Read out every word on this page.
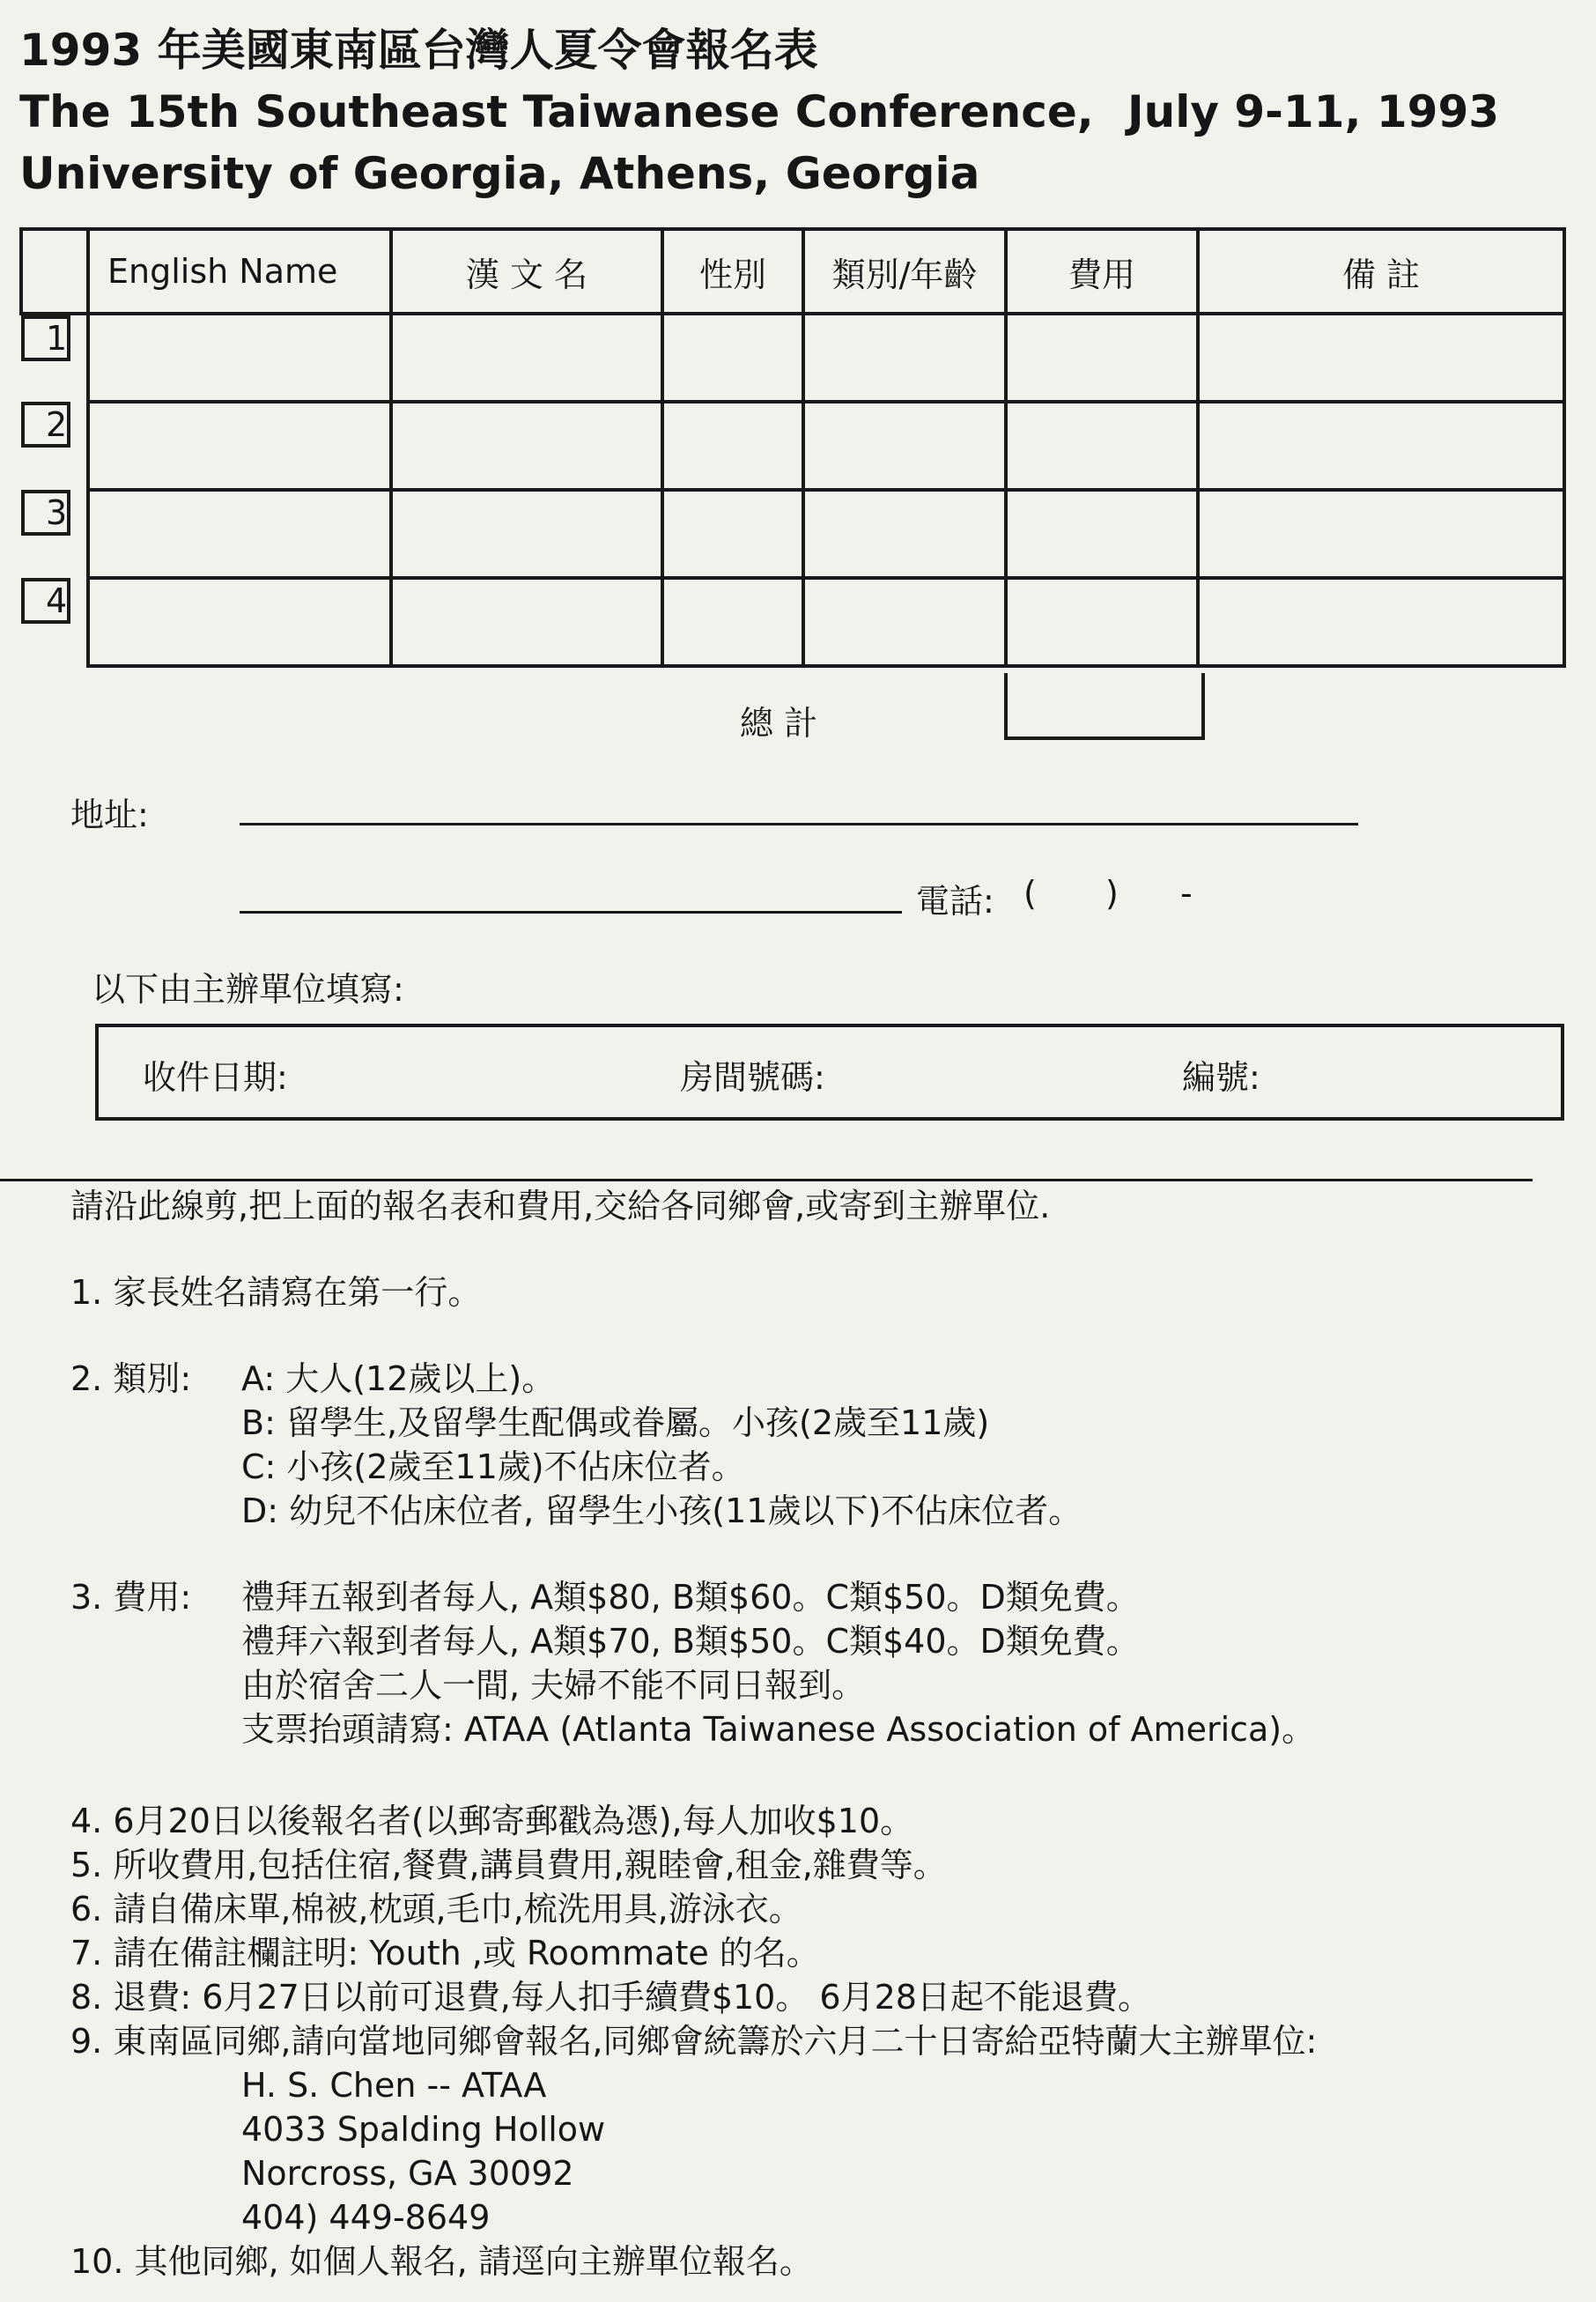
1993 年美國東南區台灣人夏令會報名表
The 15th Southeast Taiwanese Conference, July 9-11, 1993
University of Georgia, Athens, Georgia
	English Name	漢 文 名	性別	類別/年齡	費用	備 註
1					
2					
3					
4					
總 計
地址:
電話: ( ) -
以下由主辦單位填寫:
收件日期:	房間號碼:	編號:
請沿此線剪,把上面的報名表和費用,交給各同鄉會,或寄到主辦單位.
1. 家長姓名請寫在第一行。
2. 類別: A: 大人(12歲以上)。
B: 留學生,及留學生配偶或眷屬。小孩(2歲至11歲)
C: 小孩(2歲至11歲)不佔床位者。
D: 幼兒不佔床位者, 留學生小孩(11歲以下)不佔床位者。
3. 費用: 禮拜五報到者每人, A類$80, B類$60。C類$50。D類免費。
禮拜六報到者每人, A類$70, B類$50。C類$40。D類免費。
由於宿舍二人一間, 夫婦不能不同日報到。
支票抬頭請寫: ATAA (Atlanta Taiwanese Association of America)。
4. 6月20日以後報名者(以郵寄郵戳為憑),每人加收$10。
5. 所收費用,包括住宿,餐費,講員費用,親睦會,租金,雜費等。
6. 請自備床單,棉被,枕頭,毛巾,梳洗用具,游泳衣。
7. 請在備註欄註明: Youth ,或 Roommate 的名。
8. 退費: 6月27日以前可退費,每人扣手續費$10。 6月28日起不能退費。
9. 東南區同鄉,請向當地同鄉會報名,同鄉會統籌於六月二十日寄給亞特蘭大主辦單位:
H. S. Chen -- ATAA
4033 Spalding Hollow
Norcross, GA 30092
404) 449-8649
10. 其他同鄉, 如個人報名, 請逕向主辦單位報名。
